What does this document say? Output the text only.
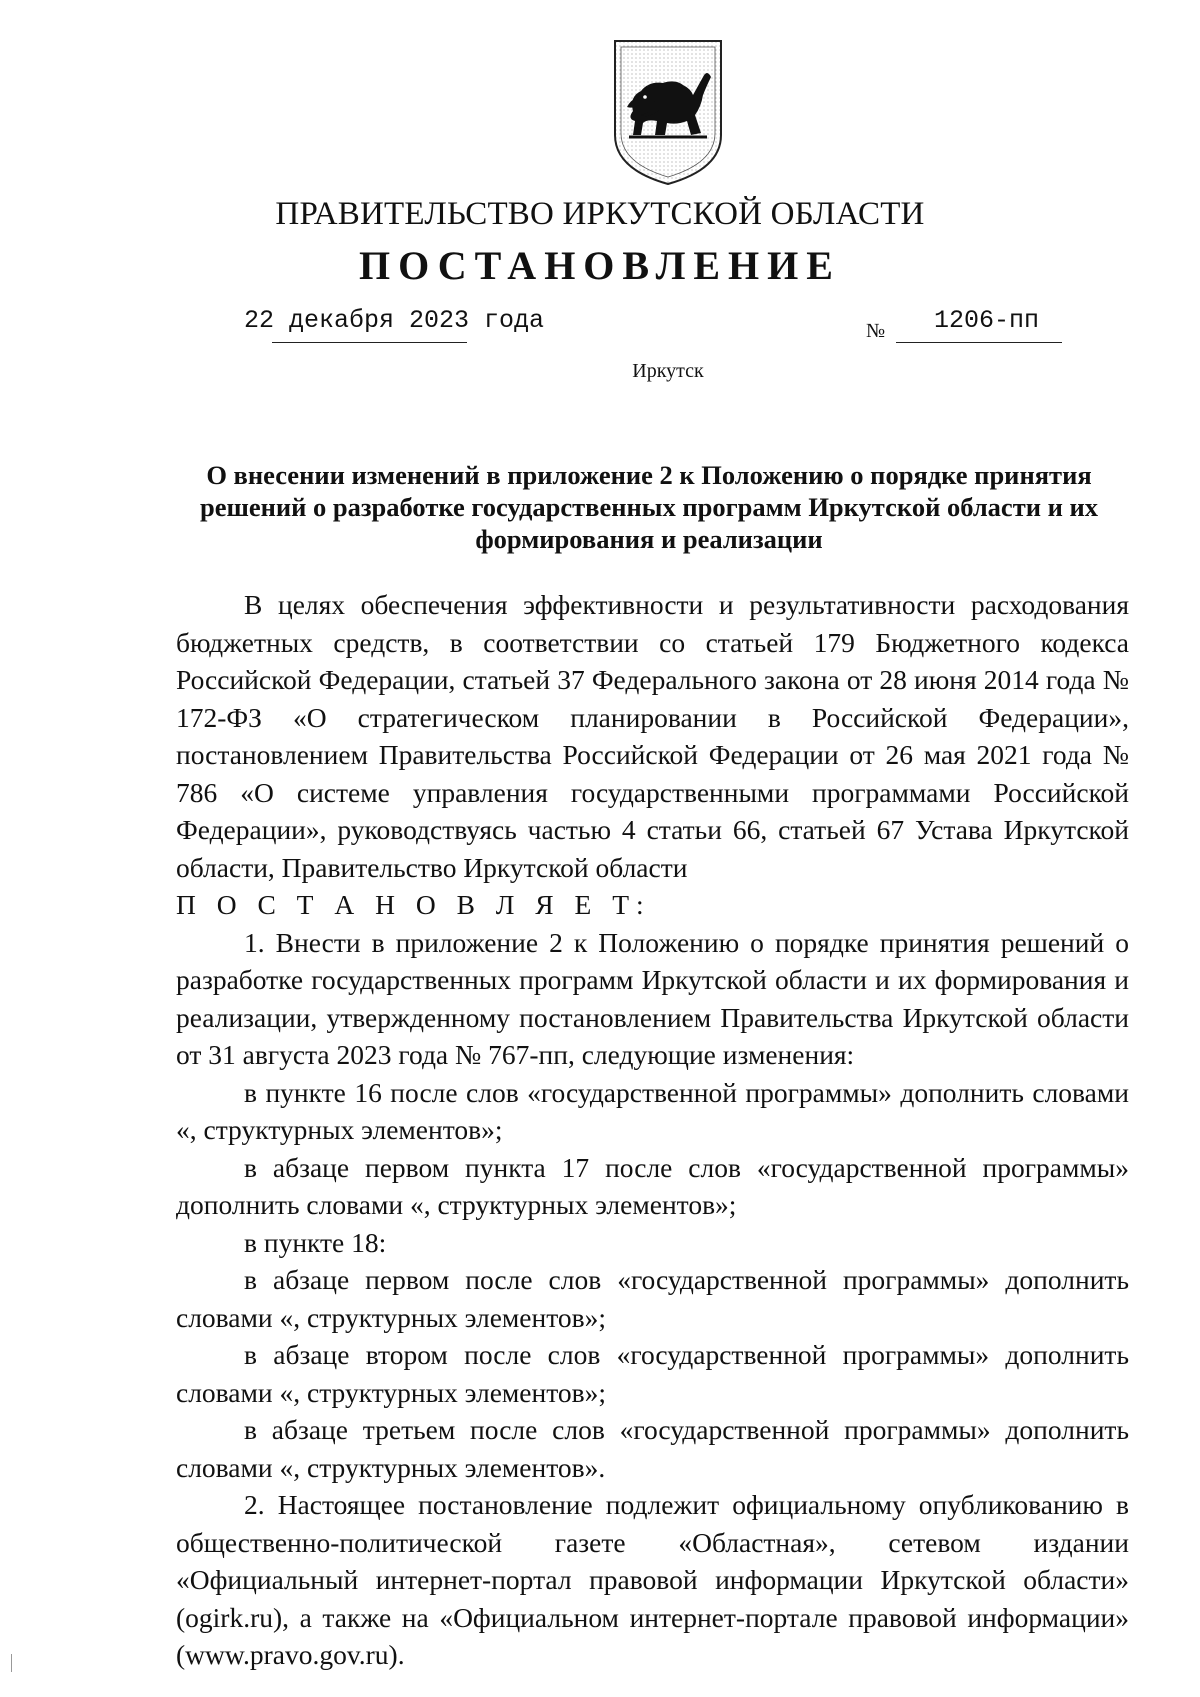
ПРАВИТЕЛЬСТВО ИРКУТСКОЙ ОБЛАСТИ
ПОСТАНОВЛЕНИЕ
22 декабря 2023 года	№ 1206-пп
Иркутск
О внесении изменений в приложение 2 к Положению о порядке принятия решений о разработке государственных программ Иркутской области и их формирования и реализации

В целях обеспечения эффективности и результативности расходования бюджетных средств, в соответствии со статьей 179 Бюджетного кодекса Российской Федерации, статьей 37 Федерального закона от 28 июня 2014 года № 172-ФЗ «О стратегическом планировании в Российской Федерации», постановлением Правительства Российской Федерации от 26 мая 2021 года № 786 «О системе управления государственными программами Российской Федерации», руководствуясь частью 4 статьи 66, статьей 67 Устава Иркутской области, Правительство Иркутской области

П О С Т А Н О В Л Я Е Т:

1. Внести в приложение 2 к Положению о порядке принятия решений о разработке государственных программ Иркутской области и их формирования и реализации, утвержденному постановлением Правительства Иркутской области от 31 августа 2023 года № 767-пп, следующие изменения:

в пункте 16 после слов «государственной программы» дополнить словами «, структурных элементов»;

в абзаце первом пункта 17 после слов «государственной программы» дополнить словами «, структурных элементов»;

в пункте 18:

в абзаце первом после слов «государственной программы» дополнить словами «, структурных элементов»;

в абзаце втором после слов «государственной программы» дополнить словами «, структурных элементов»;

в абзаце третьем после слов «государственной программы» дополнить словами «, структурных элементов».

2. Настоящее постановление подлежит официальному опубликованию в общественно-политической газете «Областная», сетевом издании «Официальный интернет-портал правовой информации Иркутской области» (ogirk.ru), а также на «Официальном интернет-портале правовой информации» (www.pravo.gov.ru).
